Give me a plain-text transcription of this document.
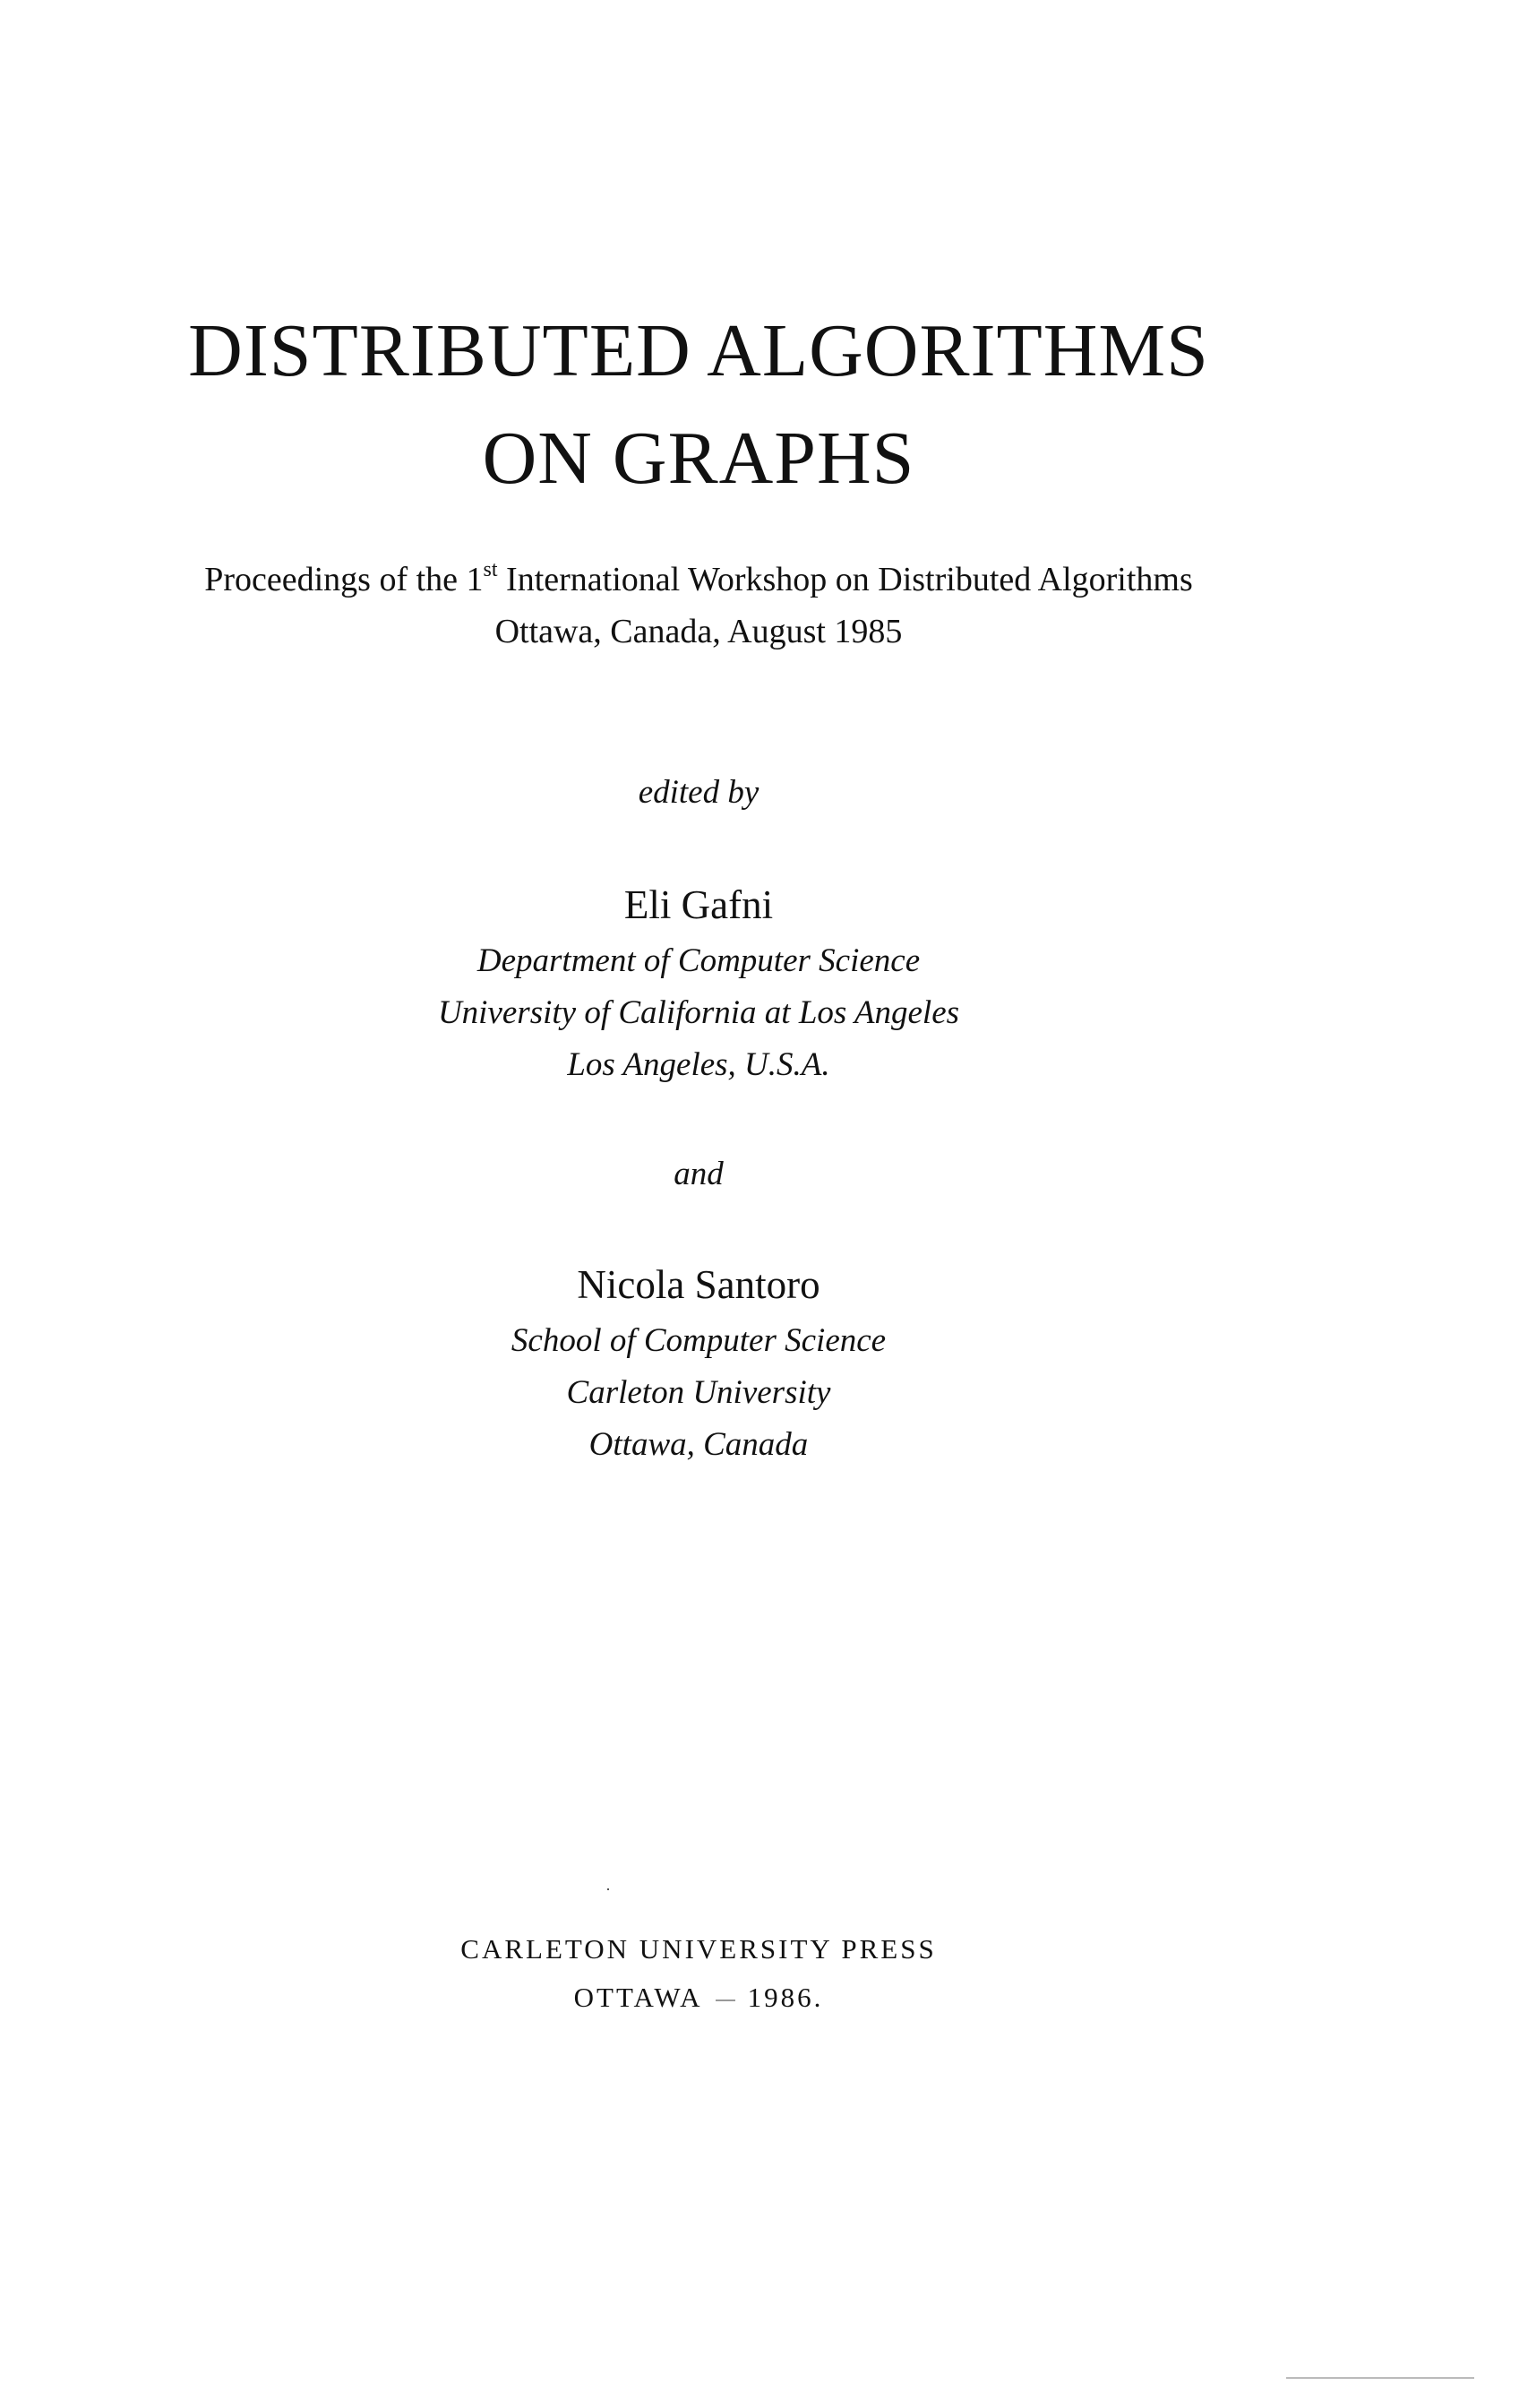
DISTRIBUTED ALGORITHMS
ON GRAPHS
Proceedings of the 1st International Workshop on Distributed Algorithms
Ottawa, Canada, August 1985
edited by
Eli Gafni
Department of Computer Science
University of California at Los Angeles
Los Angeles, U.S.A.
and
Nicola Santoro
School of Computer Science
Carleton University
Ottawa, Canada
CARLETON UNIVERSITY PRESS
OTTAWA 1986.
